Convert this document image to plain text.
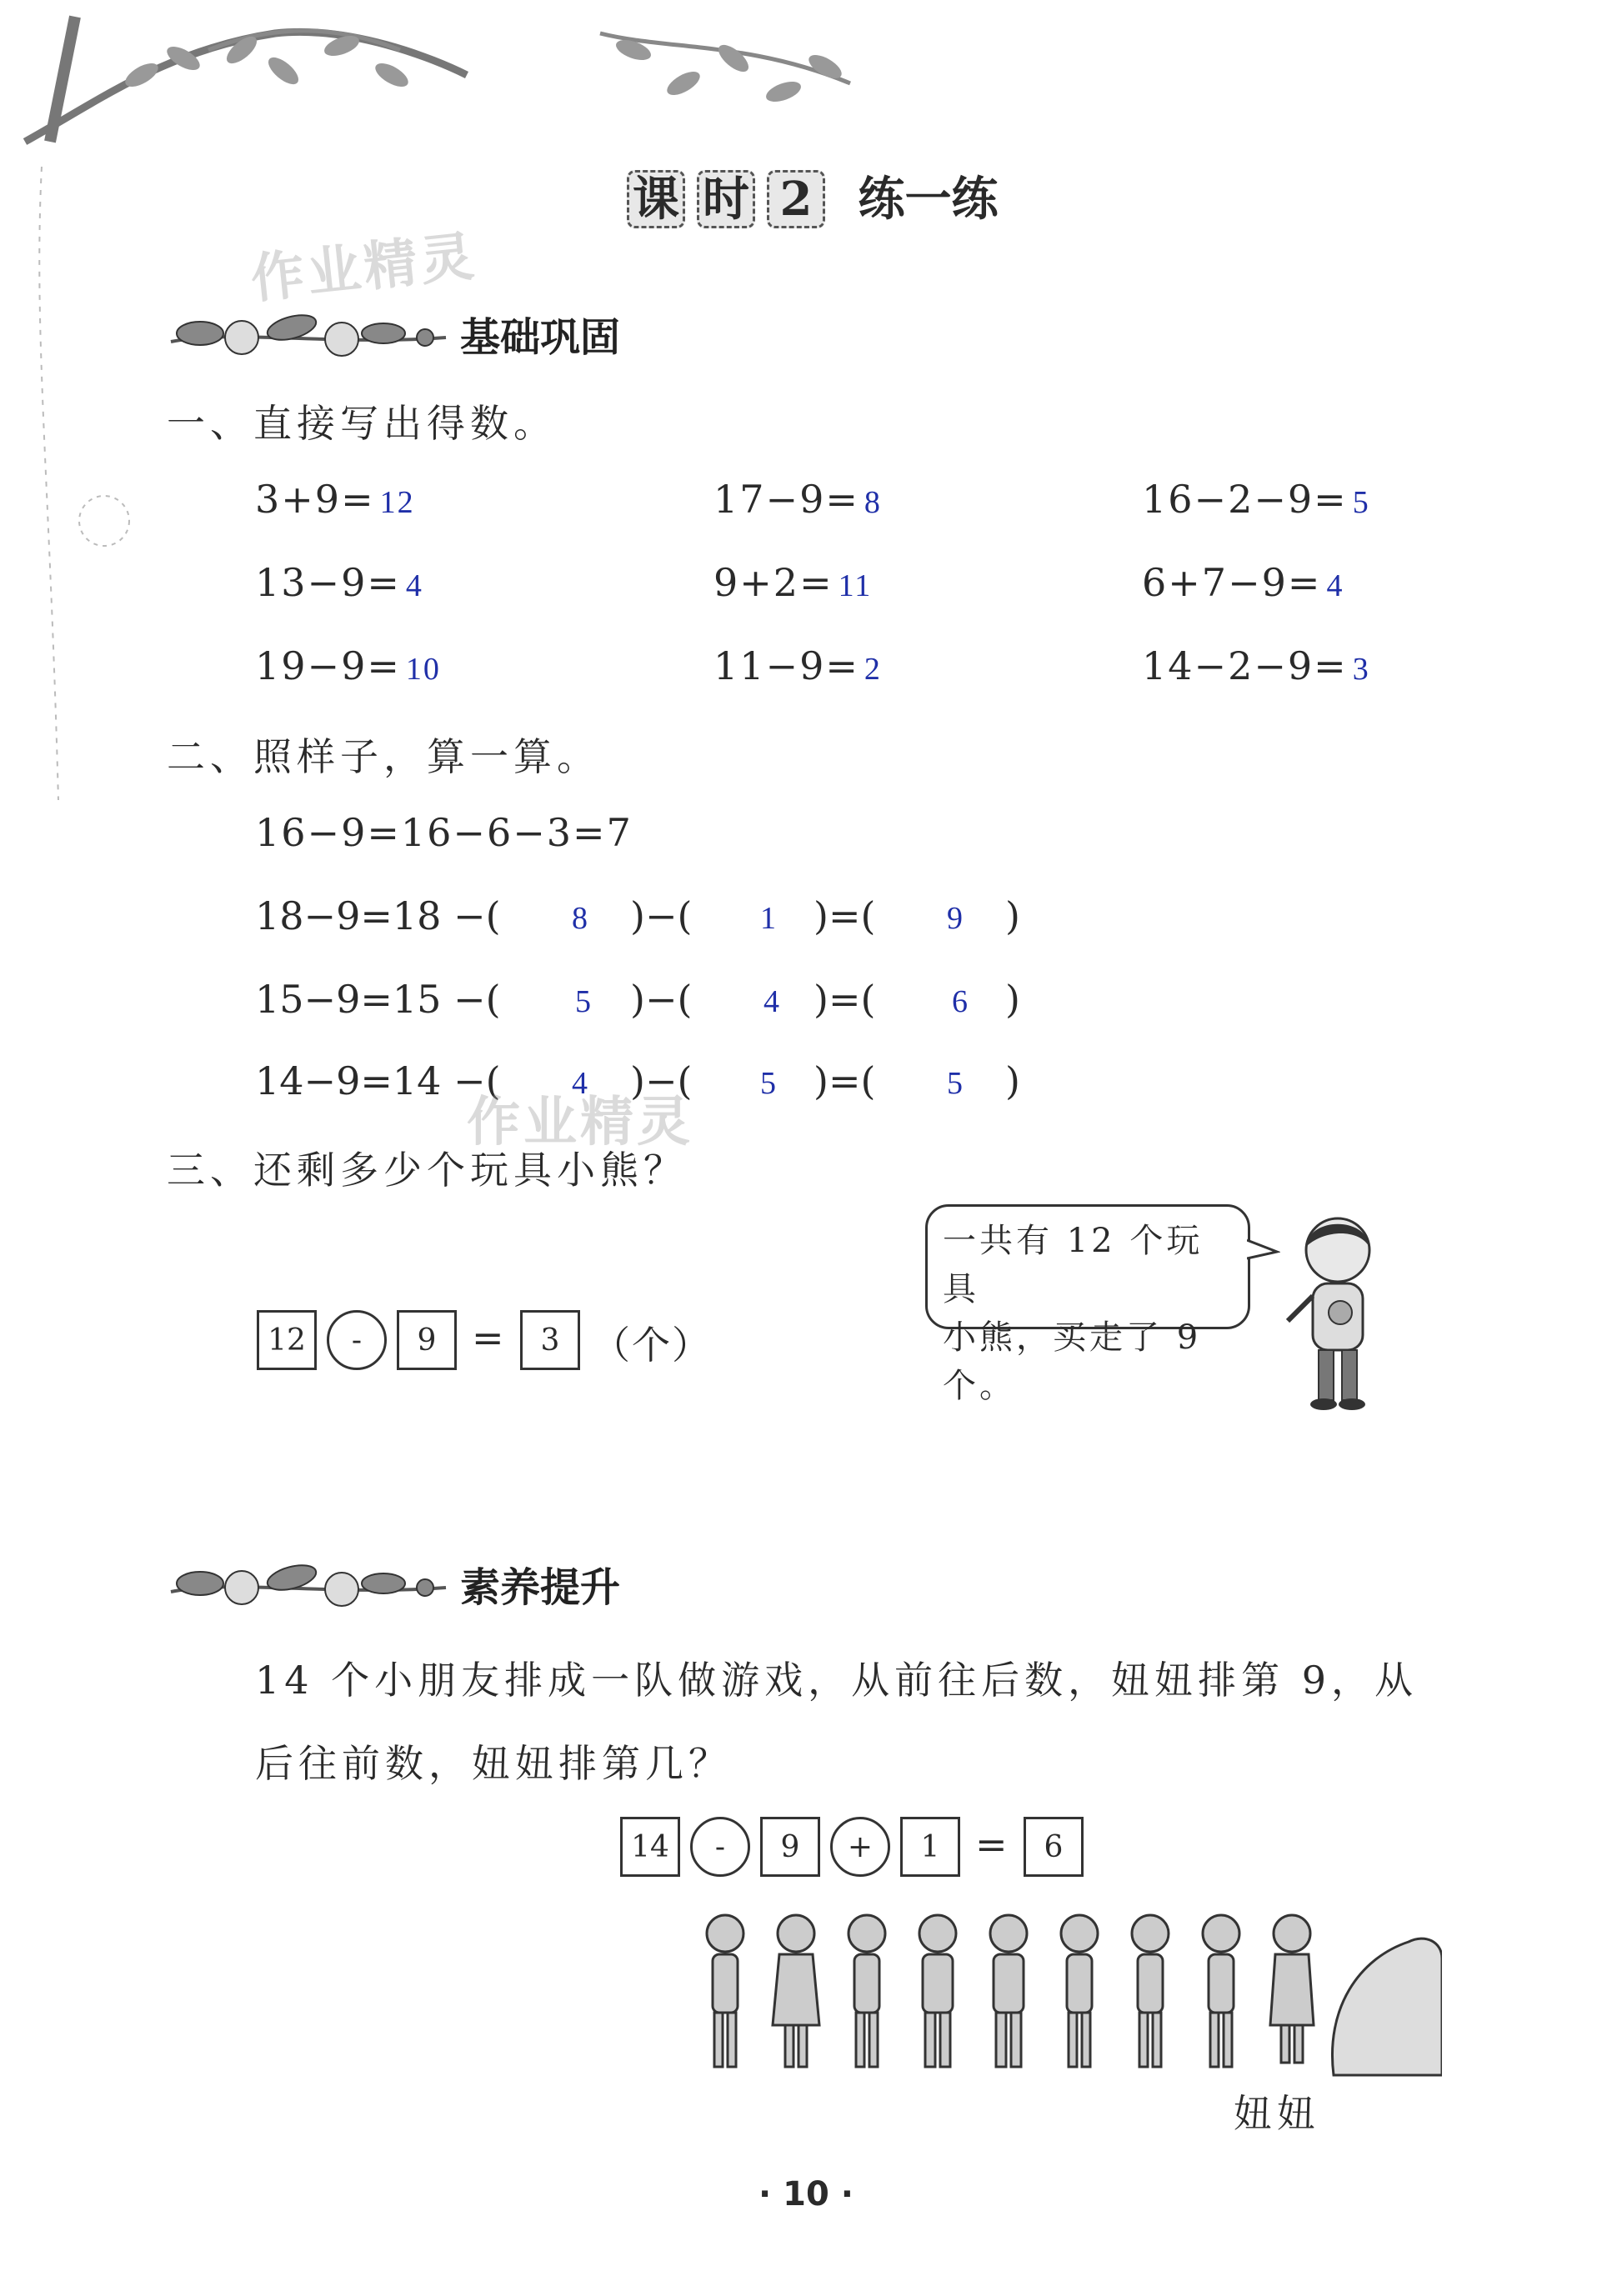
课 时 2 练一练
作业精灵
基础巩固
一、直接写出得数。
3+9= 12	17−9= 8	16−2−9= 5
13−9= 4	9+2= 11	6+7−9= 4
19−9= 10	11−9= 2	14−2−9= 3
二、照样子，算一算。
16−9=16−6−3=7
18−9=18 −( 8 )−( 1 )=( 9 )
15−9=15 −( 5 )−( 4 )=( 6 )
14−9=14 −( 4 )−( 5 )=( 5 )
作业精灵
三、还剩多少个玩具小熊？
一共有 12 个玩具
小熊，买走了 9 个。
12	-	9 =	3 （个）
素养提升
14 个小朋友排成一队做游戏，从前往后数，妞妞排第 9，从
后往前数，妞妞排第几？
14	-	9	+	1 =	6
妞妞
· 10 ·
